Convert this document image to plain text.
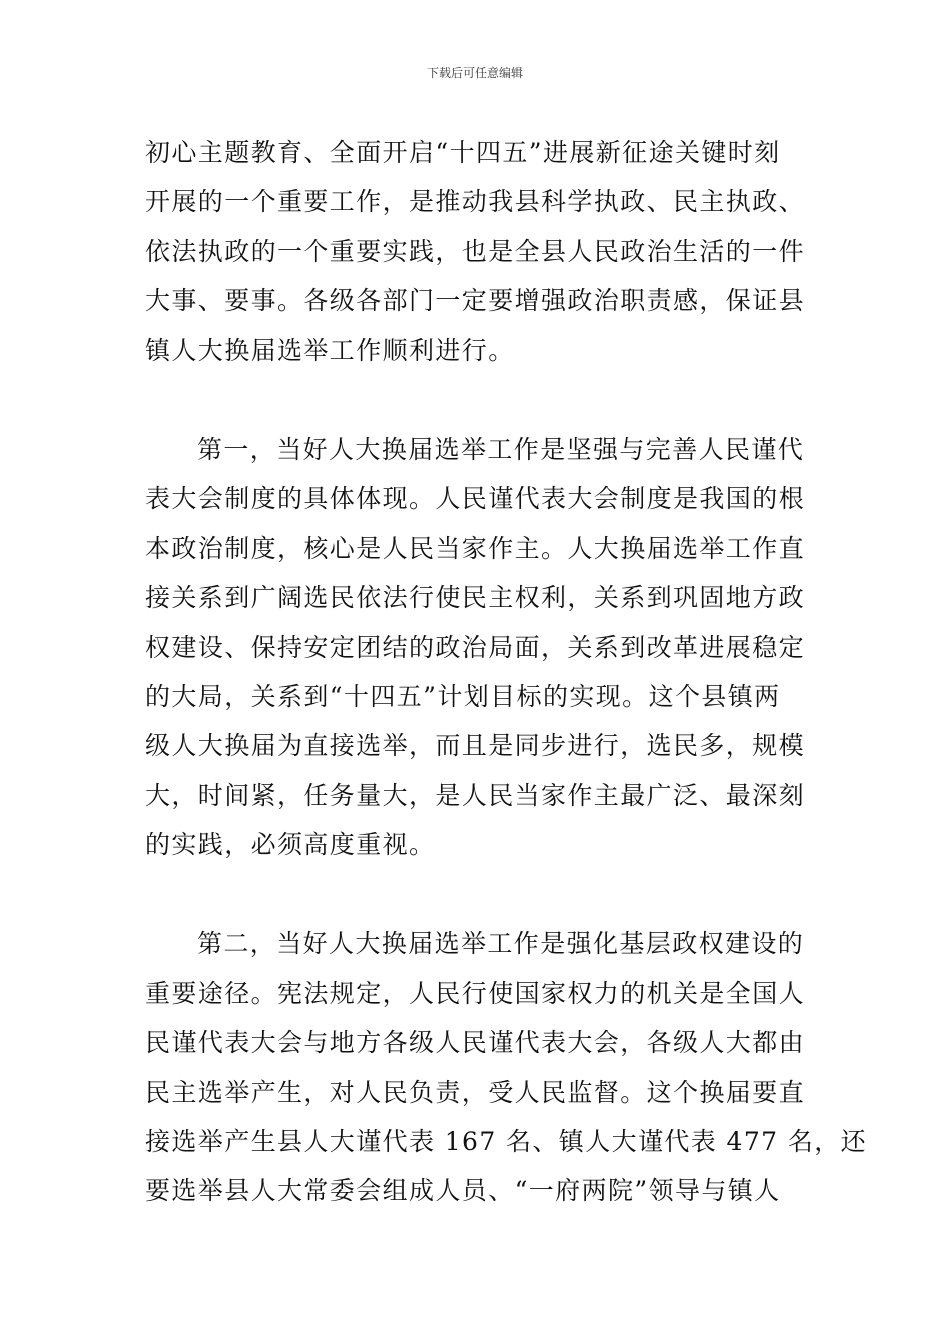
下载后可任意编辑
初心主题教育、全面开启“十四五”进展新征途关键时刻
开展的一个重要工作，是推动我县科学执政、民主执政、
依法执政的一个重要实践，也是全县人民政治生活的一件
大事、要事。各级各部门一定要增强政治职责感，保证县
镇人大换届选举工作顺利进行。
第一，当好人大换届选举工作是坚强与完善人民谨代
表大会制度的具体体现。人民谨代表大会制度是我国的根
本政治制度，核心是人民当家作主。人大换届选举工作直
接关系到广阔选民依法行使民主权利，关系到巩固地方政
权建设、保持安定团结的政治局面，关系到改革进展稳定
的大局，关系到“十四五”计划目标的实现。这个县镇两
级人大换届为直接选举，而且是同步进行，选民多，规模
大，时间紧，任务量大，是人民当家作主最广泛、最深刻
的实践，必须高度重视。
第二，当好人大换届选举工作是强化基层政权建设的
重要途径。宪法规定，人民行使国家权力的机关是全国人
民谨代表大会与地方各级人民谨代表大会，各级人大都由
民主选举产生，对人民负责，受人民监督。这个换届要直
接选举产生县人大谨代表 167 名、镇人大谨代表 477 名，还
要选举县人大常委会组成人员、“一府两院”领导与镇人
